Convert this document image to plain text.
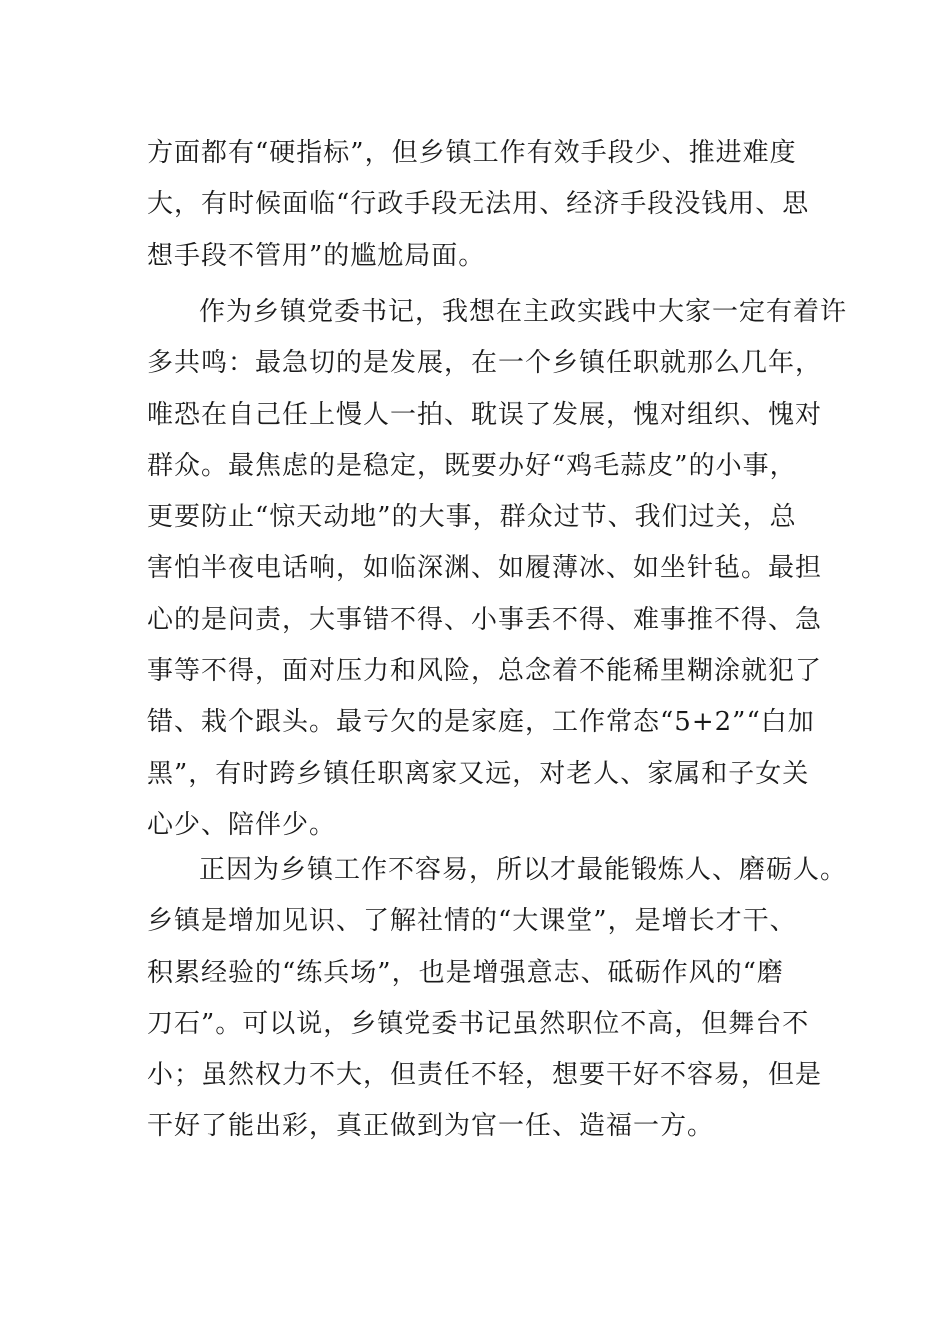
方面都有“硬指标”，但乡镇工作有效手段少、推进难度
大，有时候面临“行政手段无法用、经济手段没钱用、思
想手段不管用”的尴尬局面。

作为乡镇党委书记，我想在主政实践中大家一定有着许
多共鸣：最急切的是发展，在一个乡镇任职就那么几年，
唯恐在自己任上慢人一拍、耽误了发展，愧对组织、愧对
群众。最焦虑的是稳定，既要办好“鸡毛蒜皮”的小事，
更要防止“惊天动地”的大事，群众过节、我们过关，总
害怕半夜电话响，如临深渊、如履薄冰、如坐针毡。最担
心的是问责，大事错不得、小事丢不得、难事推不得、急
事等不得，面对压力和风险，总念着不能稀里糊涂就犯了
错、栽个跟头。最亏欠的是家庭，工作常态“5+2”“白加
黑”，有时跨乡镇任职离家又远，对老人、家属和子女关
心少、陪伴少。

正因为乡镇工作不容易，所以才最能锻炼人、磨砺人。
乡镇是增加见识、了解社情的“大课堂”，是增长才干、
积累经验的“练兵场”，也是增强意志、砥砺作风的“磨
刀石”。可以说，乡镇党委书记虽然职位不高，但舞台不
小；虽然权力不大，但责任不轻，想要干好不容易，但是
干好了能出彩，真正做到为官一任、造福一方。
